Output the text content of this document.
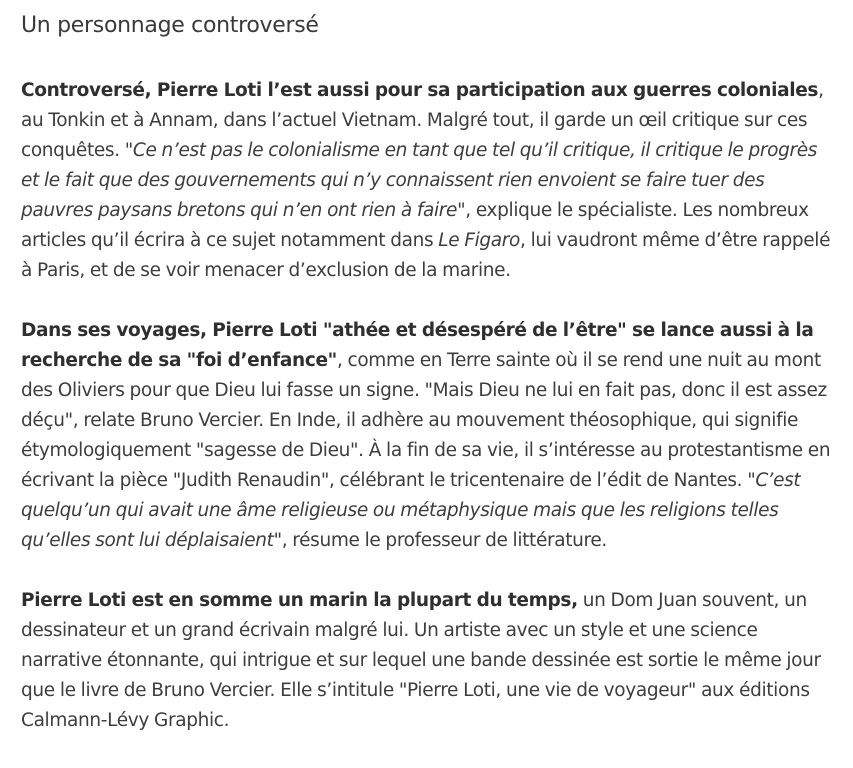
Un personnage controversé

Controversé, Pierre Loti l’est aussi pour sa participation aux guerres coloniales, au Tonkin et à Annam, dans l’actuel Vietnam. Malgré tout, il garde un œil critique sur ces conquêtes. "Ce n’est pas le colonialisme en tant que tel qu’il critique, il critique le progrès et le fait que des gouvernements qui n’y connaissent rien envoient se faire tuer des pauvres paysans bretons qui n’en ont rien à faire", explique le spécialiste. Les nombreux articles qu’il écrira à ce sujet notamment dans Le Figaro, lui vaudront même d’être rappelé à Paris, et de se voir menacer d’exclusion de la marine.

Dans ses voyages, Pierre Loti "athée et désespéré de l’être" se lance aussi à la recherche de sa "foi d’enfance", comme en Terre sainte où il se rend une nuit au mont des Oliviers pour que Dieu lui fasse un signe. "Mais Dieu ne lui en fait pas, donc il est assez déçu", relate Bruno Vercier. En Inde, il adhère au mouvement théosophique, qui signifie étymologiquement "sagesse de Dieu". À la fin de sa vie, il s’intéresse au protestantisme en écrivant la pièce "Judith Renaudin", célébrant le tricentenaire de l’édit de Nantes. "C’est quelqu’un qui avait une âme religieuse ou métaphysique mais que les religions telles qu’elles sont lui déplaisaient", résume le professeur de littérature.

Pierre Loti est en somme un marin la plupart du temps, un Dom Juan souvent, un dessinateur et un grand écrivain malgré lui. Un artiste avec un style et une science narrative étonnante, qui intrigue et sur lequel une bande dessinée est sortie le même jour que le livre de Bruno Vercier. Elle s’intitule "Pierre Loti, une vie de voyageur" aux éditions Calmann-Lévy Graphic.
